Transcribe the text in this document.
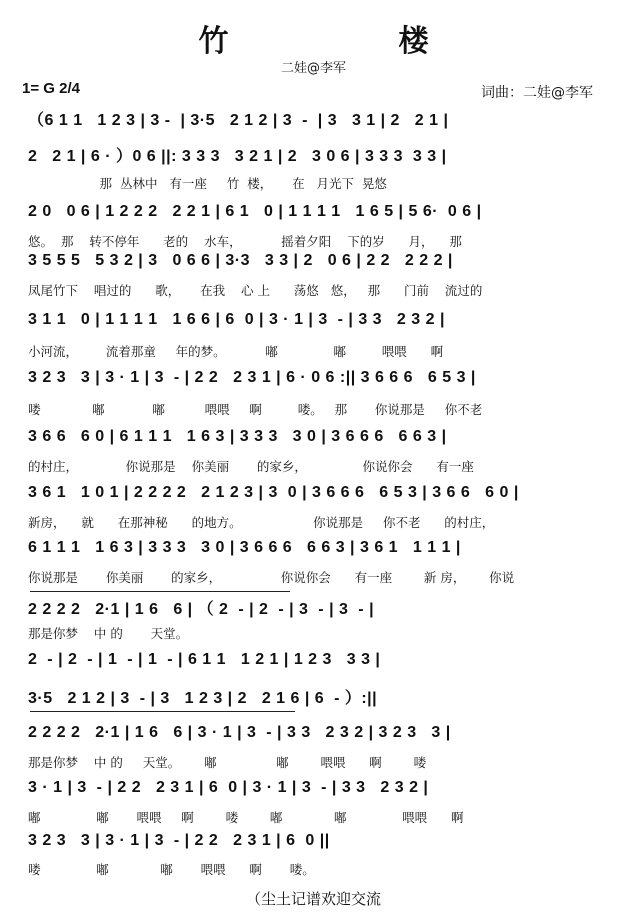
竹　楼
二娃@李军
1= G 2/4	词曲：二娃@李军
（6 1 1   1 2 3 | 3 -  | 3·5   2 1 2 | 3  -  | 3   3 1 | 2   2 1 |
2   2 1 | 6 · ）0 6 ||: 3 3 3   3 2 1 | 2   3 0 6 | 3 3 3  3 3 |
那  丛林中   有一座     竹  楼，     在   月光下  晃悠
2 0   0 6 | 1 2 2 2   2 2 1 | 6 1   0 | 1 1 1 1   1 6 5 | 5 6·  0 6 |
悠。  那    转不停年      老的    水车，          摇着夕阳    下的岁      月，    那
3 5 5 5   5 3 2 | 3   0 6 6 | 3·3   3 3 | 2   0 6 | 2 2   2 2 2 |
凤尾竹下    唱过的      歌，     在我    心 上      荡悠   悠，   那      门前    流过的
3 1 1   0 | 1 1 1 1   1 6 6 | 6  0 | 3 · 1 | 3  - | 3 3   2 3 2 |
小河流，       流着那童     年的梦。          嘟              嘟         喂喂      啊
3 2 3   3 | 3 · 1 | 3  - | 2 2   2 3 1 | 6 · 0 6 :|| 3 6 6 6   6 5 3 |
喽             嘟            嘟          喂喂     啊         喽。   那       你说那是     你不老
3 6 6   6 0 | 6 1 1 1   1 6 3 | 3 3 3   3 0 | 3 6 6 6   6 6 3 |
的村庄，            你说那是    你美丽       的家乡，              你说你会      有一座
3 6 1   1 0 1 | 2 2 2 2   2 1 2 3 | 3  0 | 3 6 6 6   6 5 3 | 3 6 6   6 0 |
新房，    就      在那神秘      的地方。                  你说那是     你不老      的村庄，
6 1 1 1   1 6 3 | 3 3 3   3 0 | 3 6 6 6   6 6 3 | 3 6 1   1 1 1 |
你说那是       你美丽       的家乡，               你说你会      有一座        新 房，      你说
2 2 2 2   2·1 | 1 6   6 | （ 2  - | 2  - | 3  - | 3  - |
那是你梦    中 的       天堂。
2  - | 2  - | 1  - | 1  - | 6 1 1   1 2 1 | 1 2 3   3 3 |
3·5   2 1 2 | 3  - | 3   1 2 3 | 2   2 1 6 | 6  - ）:||
2 2 2 2   2·1 | 1 6   6 | 3 · 1 | 3  - | 3 3   2 3 2 | 3 2 3   3 |
那是你梦    中 的     天堂。      嘟               嘟        喂喂      啊        喽
3 · 1 | 3  - | 2 2   2 3 1 | 6  0 | 3 · 1 | 3  - | 3 3   2 3 2 |
嘟              嘟       喂喂     啊        喽        嘟             嘟              喂喂      啊
3 2 3   3 | 3 · 1 | 3  - | 2 2   2 3 1 | 6  0 ||
喽              嘟             嘟       喂喂      啊       喽。
（尘土记谱欢迎交流
